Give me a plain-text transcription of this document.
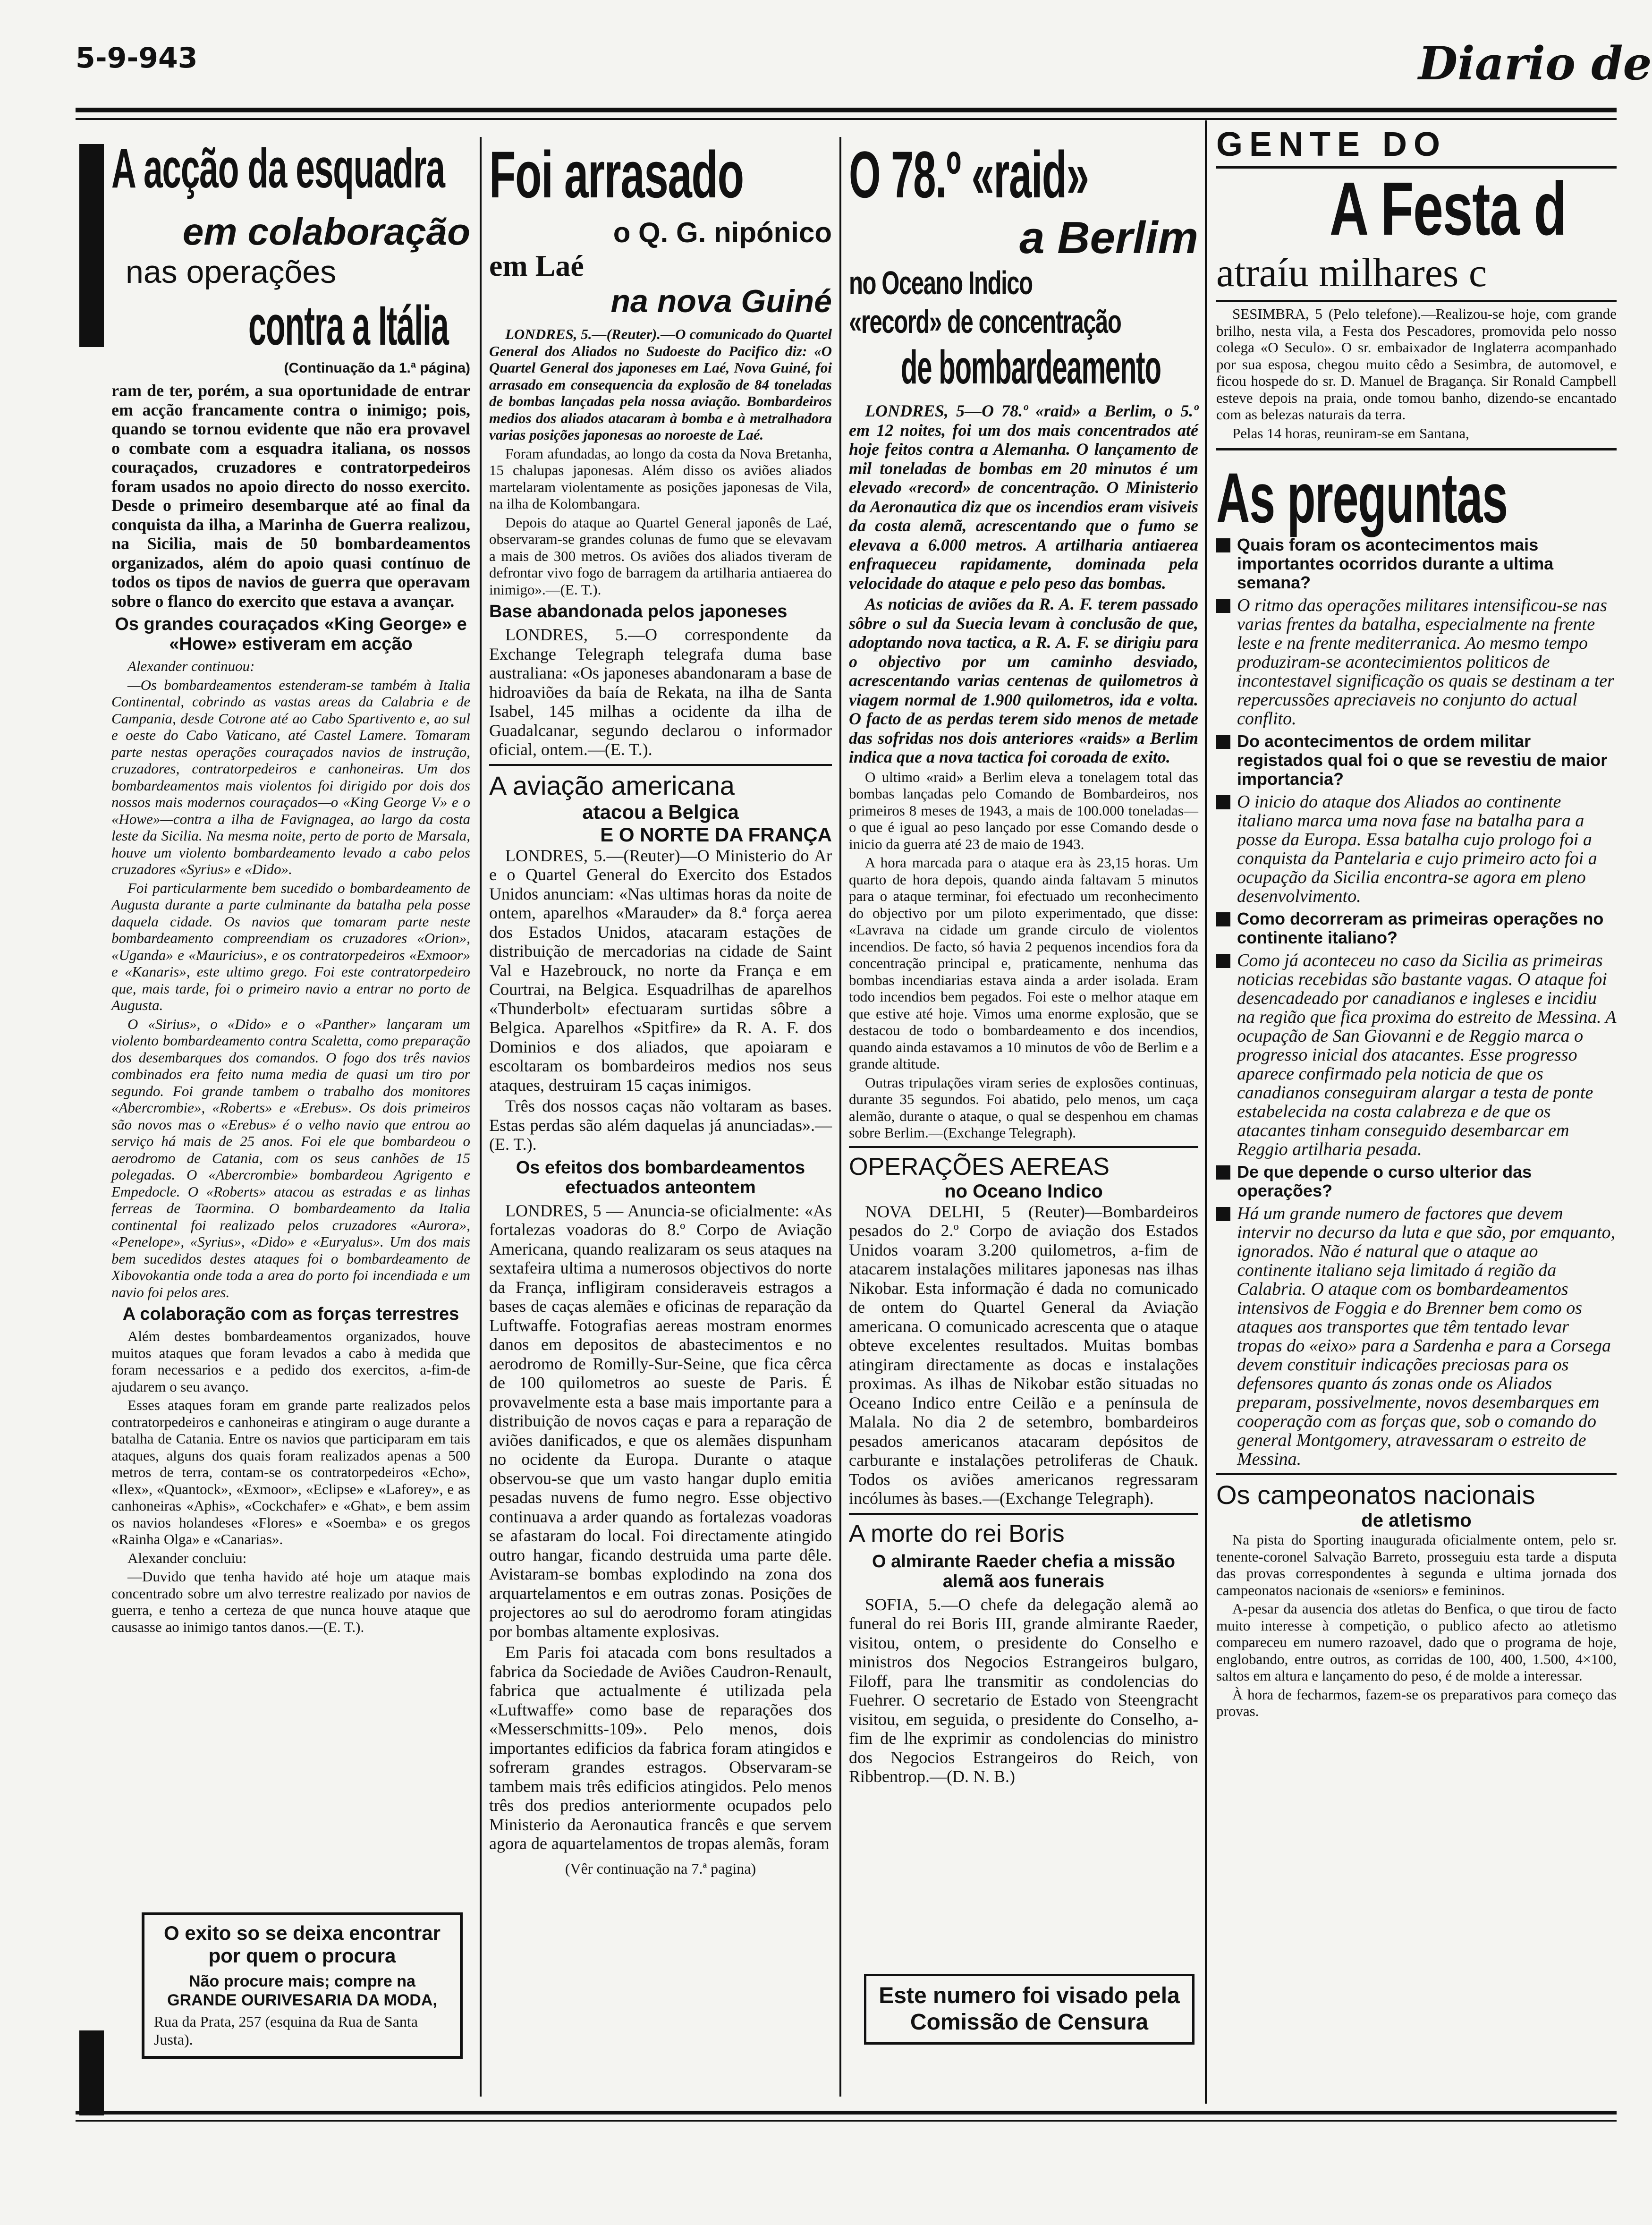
5-9-943	Diario de
A acção da esquadra
em colaboração
nas operações
contra a Itália
(Continuação da 1.ª página)

ram de ter, porém, a sua oportunidade de entrar em acção francamente contra o inimigo; pois, quando se tornou evidente que não era provavel o combate com a esquadra italiana, os nossos couraçados, cruzadores e contratorpedeiros foram usados no apoio directo do nosso exercito. Desde o primeiro desembarque até ao final da conquista da ilha, a Marinha de Guerra realizou, na Sicilia, mais de 50 bombardeamentos organizados, além do apoio quasi contínuo de todos os tipos de navios de guerra que operavam sobre o flanco do exercito que estava a avançar.

Os grandes couraçados «King George» e «Howe» estiveram em acção

Alexander continuou:

—Os bombardeamentos estenderam-se também à Italia Continental, cobrindo as vastas areas da Calabria e de Campania, desde Cotrone até ao Cabo Spartivento e, ao sul e oeste do Cabo Vaticano, até Castel Lamere. Tomaram parte nestas operações couraçados navios de instrução, cruzadores, contratorpedeiros e canhoneiras. Um dos bombardeamentos mais violentos foi dirigido por dois dos nossos mais modernos couraçados—o «King George V» e o «Howe»—contra a ilha de Favignagea, ao largo da costa leste da Sicilia. Na mesma noite, perto de porto de Marsala, houve um violento bombardeamento levado a cabo pelos cruzadores «Syrius» e «Dido».

Foi particularmente bem sucedido o bombardeamento de Augusta durante a parte culminante da batalha pela posse daquela cidade. Os navios que tomaram parte neste bombardeamento compreendiam os cruzadores «Orion», «Uganda» e «Mauricius», e os contratorpedeiros «Exmoor» e «Kanaris», este ultimo grego. Foi este contratorpedeiro que, mais tarde, foi o primeiro navio a entrar no porto de Augusta.

O «Sirius», o «Dido» e o «Panther» lançaram um violento bombardeamento contra Scaletta, como preparação dos desembarques dos comandos. O fogo dos três navios combinados era feito numa media de quasi um tiro por segundo. Foi grande tambem o trabalho dos monitores «Abercrombie», «Roberts» e «Erebus». Os dois primeiros são novos mas o «Erebus» é o velho navio que entrou ao serviço há mais de 25 anos. Foi ele que bombardeou o aerodromo de Catania, com os seus canhões de 15 polegadas. O «Abercrombie» bombardeou Agrigento e Empedocle. O «Roberts» atacou as estradas e as linhas ferreas de Taormina. O bombardeamento da Italia continental foi realizado pelos cruzadores «Aurora», «Penelope», «Syrius», «Dido» e «Euryalus». Um dos mais bem sucedidos destes ataques foi o bombardeamento de Xibovokantia onde toda a area do porto foi incendiada e um navio foi pelos ares.

A colaboração com as forças terrestres

Além destes bombardeamentos organizados, houve muitos ataques que foram levados a cabo à medida que foram necessarios e a pedido dos exercitos, a-fim-de ajudarem o seu avanço.

Esses ataques foram em grande parte realizados pelos contratorpedeiros e canhoneiras e atingiram o auge durante a batalha de Catania. Entre os navios que participaram em tais ataques, alguns dos quais foram realizados apenas a 500 metros de terra, contam-se os contratorpedeiros «Echo», «Ilex», «Quantock», «Exmoor», «Eclipse» e «Laforey», e as canhoneiras «Aphis», «Cockchafer» e «Ghat», e bem assim os navios holandeses «Flores» e «Soemba» e os gregos «Rainha Olga» e «Canarias».

Alexander concluiu:

—Duvido que tenha havido até hoje um ataque mais concentrado sobre um alvo terrestre realizado por navios de guerra, e tenho a certeza de que nunca houve ataque que causasse ao inimigo tantos danos.—(E. T.).

O exito so se deixa encontrar por quem o procura
Não procure mais; compre na GRANDE OURIVESARIA DA MODA,
Rua da Prata, 257 (esquina da Rua de Santa Justa).
Foi arrasado
o Q. G. nipónico
em Laé
na nova Guiné

LONDRES, 5.—(Reuter).—O comunicado do Quartel General dos Aliados no Sudoeste do Pacifico diz: «O Quartel General dos japoneses em Laé, Nova Guiné, foi arrasado em consequencia da explosão de 84 toneladas de bombas lançadas pela nossa aviação. Bombardeiros medios dos aliados atacaram à bomba e à metralhadora varias posições japonesas ao noroeste de Laé.

Foram afundadas, ao longo da costa da Nova Bretanha, 15 chalupas japonesas. Além disso os aviões aliados martelaram violentamente as posições japonesas de Vila, na ilha de Kolombangara.

Depois do ataque ao Quartel General japonês de Laé, observaram-se grandes colunas de fumo que se elevavam a mais de 300 metros. Os aviões dos aliados tiveram de defrontar vivo fogo de barragem da artilharia antiaerea do inimigo».—(E. T.).

Base abandonada pelos japoneses

LONDRES, 5.—O correspondente da Exchange Telegraph telegrafa duma base australiana: «Os japoneses abandonaram a base de hidroaviões da baía de Rekata, na ilha de Santa Isabel, 145 milhas a ocidente da ilha de Guadalcanar, segundo declarou o informador oficial, ontem.—(E. T.).

A aviação americana
atacou a Belgica
E O NORTE DA FRANÇA

LONDRES, 5.—(Reuter)—O Ministerio do Ar e o Quartel General do Exercito dos Estados Unidos anunciam: «Nas ultimas horas da noite de ontem, aparelhos «Marauder» da 8.ª força aerea dos Estados Unidos, atacaram estações de distribuição de mercadorias na cidade de Saint Val e Hazebrouck, no norte da França e em Courtrai, na Belgica. Esquadrilhas de aparelhos «Thunderbolt» efectuaram surtidas sôbre a Belgica. Aparelhos «Spitfire» da R. A. F. dos Dominios e dos aliados, que apoiaram e escoltaram os bombardeiros medios nos seus ataques, destruiram 15 caças inimigos.

Três dos nossos caças não voltaram as bases. Estas perdas são além daquelas já anunciadas».—(E. T.).

Os efeitos dos bombardeamentos efectuados anteontem

LONDRES, 5 — Anuncia-se oficialmente: «As fortalezas voadoras do 8.º Corpo de Aviação Americana, quando realizaram os seus ataques na sextafeira ultima a numerosos objectivos do norte da França, infligiram consideraveis estragos a bases de caças alemães e oficinas de reparação da Luftwaffe. Fotografias aereas mostram enormes danos em depositos de abastecimentos e no aerodromo de Romilly-Sur-Seine, que fica cêrca de 100 quilometros ao sueste de Paris. É provavelmente esta a base mais importante para a distribuição de novos caças e para a reparação de aviões danificados, e que os alemães dispunham no ocidente da Europa. Durante o ataque observou-se que um vasto hangar duplo emitia pesadas nuvens de fumo negro. Esse objectivo continuava a arder quando as fortalezas voadoras se afastaram do local. Foi directamente atingido outro hangar, ficando destruida uma parte dêle. Avistaram-se bombas explodindo na zona dos arquartelamentos e em outras zonas. Posições de projectores ao sul do aerodromo foram atingidas por bombas altamente explosivas.

Em Paris foi atacada com bons resultados a fabrica da Sociedade de Aviões Caudron-Renault, fabrica que actualmente é utilizada pela «Luftwaffe» como base de reparações dos «Messerschmitts-109». Pelo menos, dois importantes edificios da fabrica foram atingidos e sofreram grandes estragos. Observaram-se tambem mais três edificios atingidos. Pelo menos três dos predios anteriormente ocupados pelo Ministerio da Aeronautica francês e que servem agora de aquartelamentos de tropas alemãs, foram

(Vêr continuação na 7.ª pagina)
O 78.º «raid»
a Berlim
no Oceano Indico
«record» de concentração
de bombardeamento

LONDRES, 5—O 78.º «raid» a Berlim, o 5.º em 12 noites, foi um dos mais concentrados até hoje feitos contra a Alemanha. O lançamento de mil toneladas de bombas em 20 minutos é um elevado «record» de concentração. O Ministerio da Aeronautica diz que os incendios eram visiveis da costa alemã, acrescentando que o fumo se elevava a 6.000 metros. A artilharia antiaerea enfraqueceu rapidamente, dominada pela velocidade do ataque e pelo peso das bombas.

As noticias de aviões da R. A. F. terem passado sôbre o sul da Suecia levam à conclusão de que, adoptando nova tactica, a R. A. F. se dirigiu para o objectivo por um caminho desviado, acrescentando varias centenas de quilometros à viagem normal de 1.900 quilometros, ida e volta. O facto de as perdas terem sido menos de metade das sofridas nos dois anteriores «raids» a Berlim indica que a nova tactica foi coroada de exito.

O ultimo «raid» a Berlim eleva a tonelagem total das bombas lançadas pelo Comando de Bombardeiros, nos primeiros 8 meses de 1943, a mais de 100.000 toneladas—o que é igual ao peso lançado por esse Comando desde o inicio da guerra até 23 de maio de 1943.

A hora marcada para o ataque era às 23,15 horas. Um quarto de hora depois, quando ainda faltavam 5 minutos para o ataque terminar, foi efectuado um reconhecimento do objectivo por um piloto experimentado, que disse: «Lavrava na cidade um grande circulo de violentos incendios. De facto, só havia 2 pequenos incendios fora da concentração principal e, praticamente, nenhuma das bombas incendiarias estava ainda a arder isolada. Eram todo incendios bem pegados. Foi este o melhor ataque em que estive até hoje. Vimos uma enorme explosão, que se destacou de todo o bombardeamento e dos incendios, quando ainda estavamos a 10 minutos de vôo de Berlim e a grande altitude.

Outras tripulações viram series de explosões continuas, durante 35 segundos. Foi abatido, pelo menos, um caça alemão, durante o ataque, o qual se despenhou em chamas sobre Berlim.—(Exchange Telegraph).

OPERAÇÕES AEREAS
no Oceano Indico

NOVA DELHI, 5 (Reuter)—Bombardeiros pesados do 2.º Corpo de aviação dos Estados Unidos voaram 3.200 quilometros, a-fim de atacarem instalações militares japonesas nas ilhas Nikobar. Esta informação é dada no comunicado de ontem do Quartel General da Aviação americana. O comunicado acrescenta que o ataque obteve excelentes resultados. Muitas bombas atingiram directamente as docas e instalações proximas. As ilhas de Nikobar estão situadas no Oceano Indico entre Ceilão e a península de Malala. No dia 2 de setembro, bombardeiros pesados americanos atacaram depósitos de carburante e instalações petroliferas de Chauk. Todos os aviões americanos regressaram incólumes às bases.—(Exchange Telegraph).

A morte do rei Boris
O almirante Raeder chefia a missão alemã aos funerais

SOFIA, 5.—O chefe da delegação alemã ao funeral do rei Boris III, grande almirante Raeder, visitou, ontem, o presidente do Conselho e ministros dos Negocios Estrangeiros bulgaro, Filoff, para lhe transmitir as condolencias do Fuehrer. O secretario de Estado von Steengracht visitou, em seguida, o presidente do Conselho, a-fim de lhe exprimir as condolencias do ministro dos Negocios Estrangeiros do Reich, von Ribbentrop.—(D. N. B.)

Este numero foi visado pela Comissão de Censura
GENTE DO
A Festa d
atraíu milhares c

SESIMBRA, 5 (Pelo telefone).—Realizou-se hoje, com grande brilho, nesta vila, a Festa dos Pescadores, promovida pelo nosso colega «O Seculo». O sr. embaixador de Inglaterra acompanhado por sua esposa, chegou muito cêdo a Sesimbra, de automovel, e ficou hospede do sr. D. Manuel de Bragança. Sir Ronald Campbell esteve depois na praia, onde tomou banho, dizendo-se encantado com as belezas naturais da terra.

Pelas 14 horas, reuniram-se em Santana,

As preguntas

Quais foram os acontecimentos mais importantes ocorridos durante a ultima semana?

O ritmo das operações militares intensificou-se nas varias frentes da batalha, especialmente na frente leste e na frente mediterranica. Ao mesmo tempo produziram-se acontecimientos politicos de incontestavel significação os quais se destinam a ter repercussões apreciaveis no conjunto do actual conflito.

Do acontecimentos de ordem militar registados qual foi o que se revestiu de maior importancia?

O inicio do ataque dos Aliados ao continente italiano marca uma nova fase na batalha para a posse da Europa. Essa batalha cujo prologo foi a conquista da Pantelaria e cujo primeiro acto foi a ocupação da Sicilia encontra-se agora em pleno desenvolvimento.

Como decorreram as primeiras operações no continente italiano?

Como já aconteceu no caso da Sicilia as primeiras noticias recebidas são bastante vagas. O ataque foi desencadeado por canadianos e ingleses e incidiu na região que fica proxima do estreito de Messina. A ocupação de San Giovanni e de Reggio marca o progresso inicial dos atacantes. Esse progresso aparece confirmado pela noticia de que os canadianos conseguiram alargar a testa de ponte estabelecida na costa calabreza e de que os atacantes tinham conseguido desembarcar em Reggio artilharia pesada.

De que depende o curso ulterior das operações?

Há um grande numero de factores que devem intervir no decurso da luta e que são, por emquanto, ignorados. Não é natural que o ataque ao continente italiano seja limitado á região da Calabria. O ataque com os bombardeamentos intensivos de Foggia e do Brenner bem como os ataques aos transportes que têm tentado levar tropas do «eixo» para a Sardenha e para a Corsega devem constituir indicações preciosas para os defensores quanto ás zonas onde os Aliados preparam, possivelmente, novos desembarques em cooperação com as forças que, sob o comando do general Montgomery, atravessaram o estreito de Messina.

Os campeonatos nacionais
de atletismo

Na pista do Sporting inaugurada oficialmente ontem, pelo sr. tenente-coronel Salvação Barreto, prosseguiu esta tarde a disputa das provas correspondentes à segunda e ultima jornada dos campeonatos nacionais de «seniors» e femininos.

A-pesar da ausencia dos atletas do Benfica, o que tirou de facto muito interesse à competição, o publico afecto ao atletismo compareceu em numero razoavel, dado que o programa de hoje, englobando, entre outros, as corridas de 100, 400, 1.500, 4×100, saltos em altura e lançamento do peso, é de molde a interessar.

À hora de fecharmos, fazem-se os preparativos para começo das provas.
